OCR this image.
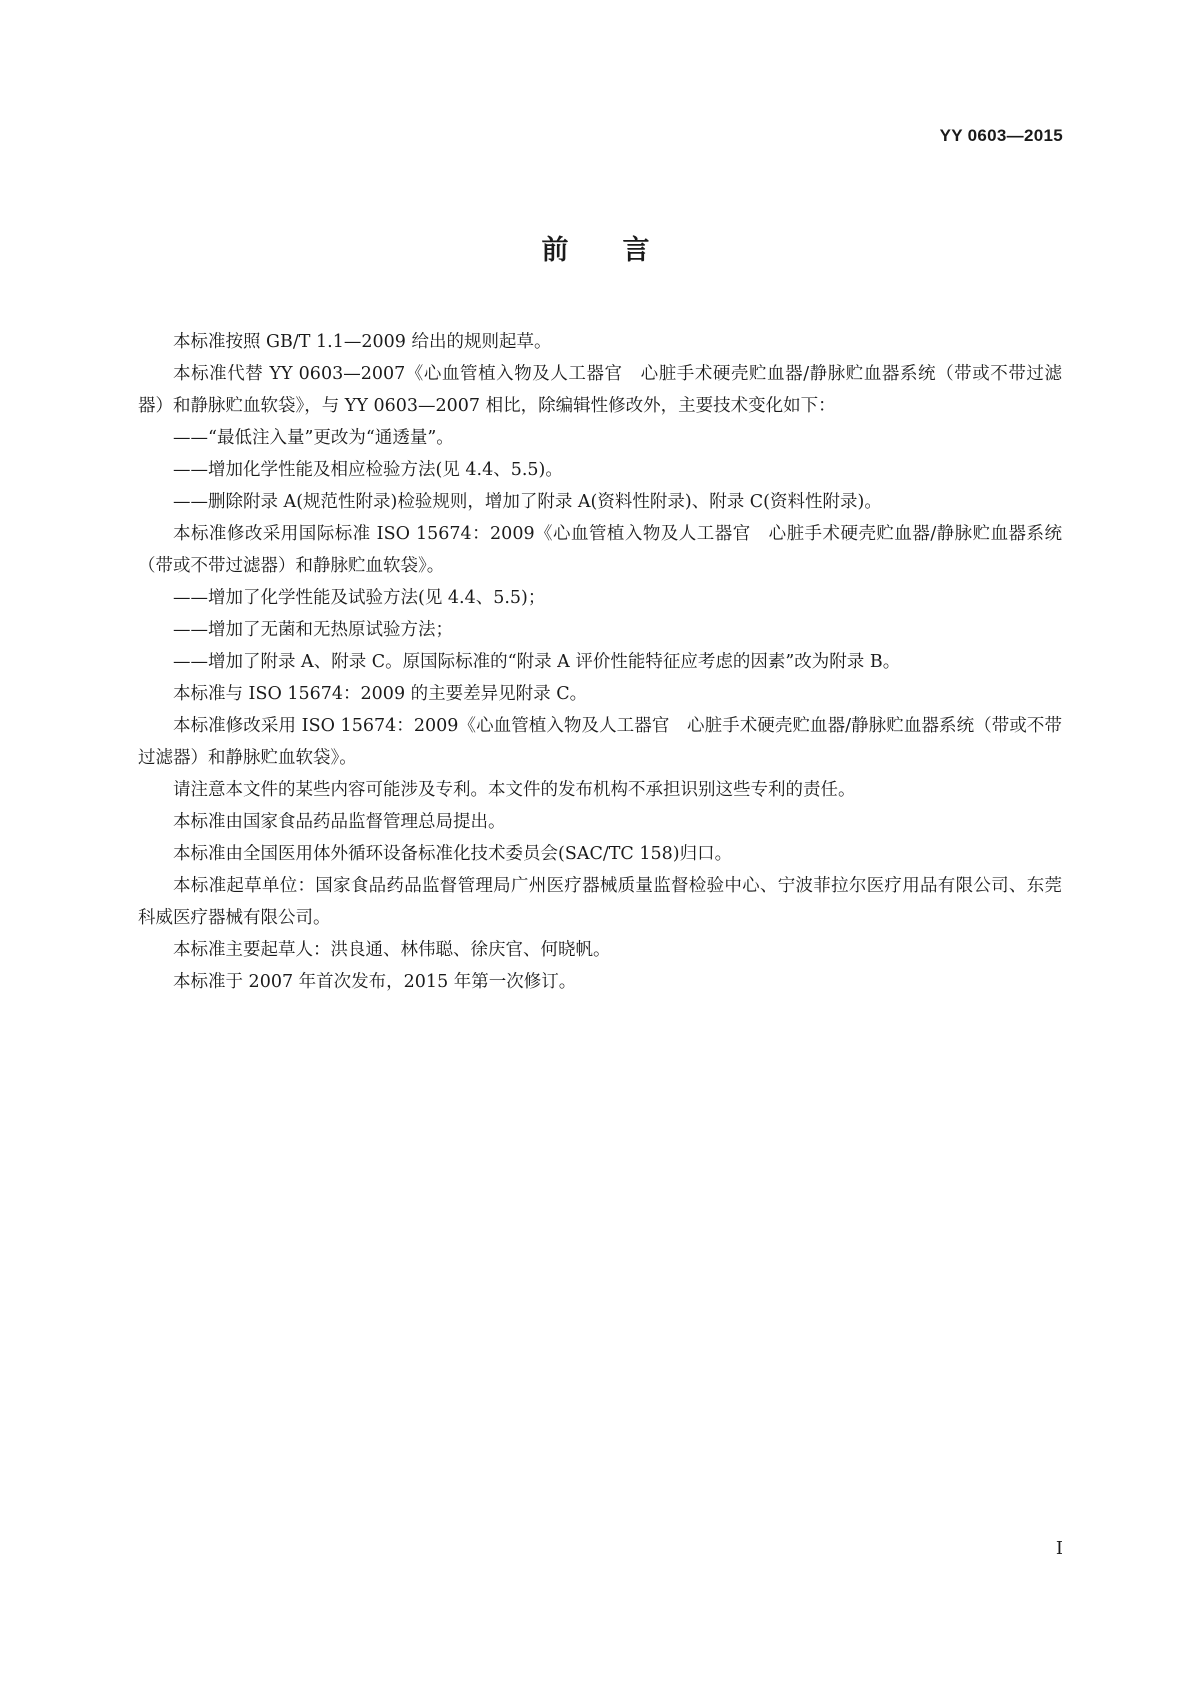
YY 0603—2015
前 言

本标准按照 GB/T 1.1—2009 给出的规则起草。

本标准代替 YY 0603—2007《心血管植入物及人工器官　心脏手术硬壳贮血器/静脉贮血器系统（带或不带过滤器）和静脉贮血软袋》，与 YY 0603—2007 相比，除编辑性修改外，主要技术变化如下：

——“最低注入量”更改为“通透量”。

——增加化学性能及相应检验方法(见 4.4、5.5)。

——删除附录 A(规范性附录)检验规则，增加了附录 A(资料性附录)、附录 C(资料性附录)。

本标准修改采用国际标准 ISO 15674：2009《心血管植入物及人工器官　心脏手术硬壳贮血器/静脉贮血器系统（带或不带过滤器）和静脉贮血软袋》。

——增加了化学性能及试验方法(见 4.4、5.5)；

——增加了无菌和无热原试验方法；

——增加了附录 A、附录 C。原国际标准的“附录 A 评价性能特征应考虑的因素”改为附录 B。

本标准与 ISO 15674：2009 的主要差异见附录 C。

本标准修改采用 ISO 15674：2009《心血管植入物及人工器官　心脏手术硬壳贮血器/静脉贮血器系统（带或不带过滤器）和静脉贮血软袋》。

请注意本文件的某些内容可能涉及专利。本文件的发布机构不承担识别这些专利的责任。

本标准由国家食品药品监督管理总局提出。

本标准由全国医用体外循环设备标准化技术委员会(SAC/TC 158)归口。

本标准起草单位：国家食品药品监督管理局广州医疗器械质量监督检验中心、宁波菲拉尔医疗用品有限公司、东莞科威医疗器械有限公司。

本标准主要起草人：洪良通、林伟聪、徐庆官、何晓帆。

本标准于 2007 年首次发布，2015 年第一次修订。

I
